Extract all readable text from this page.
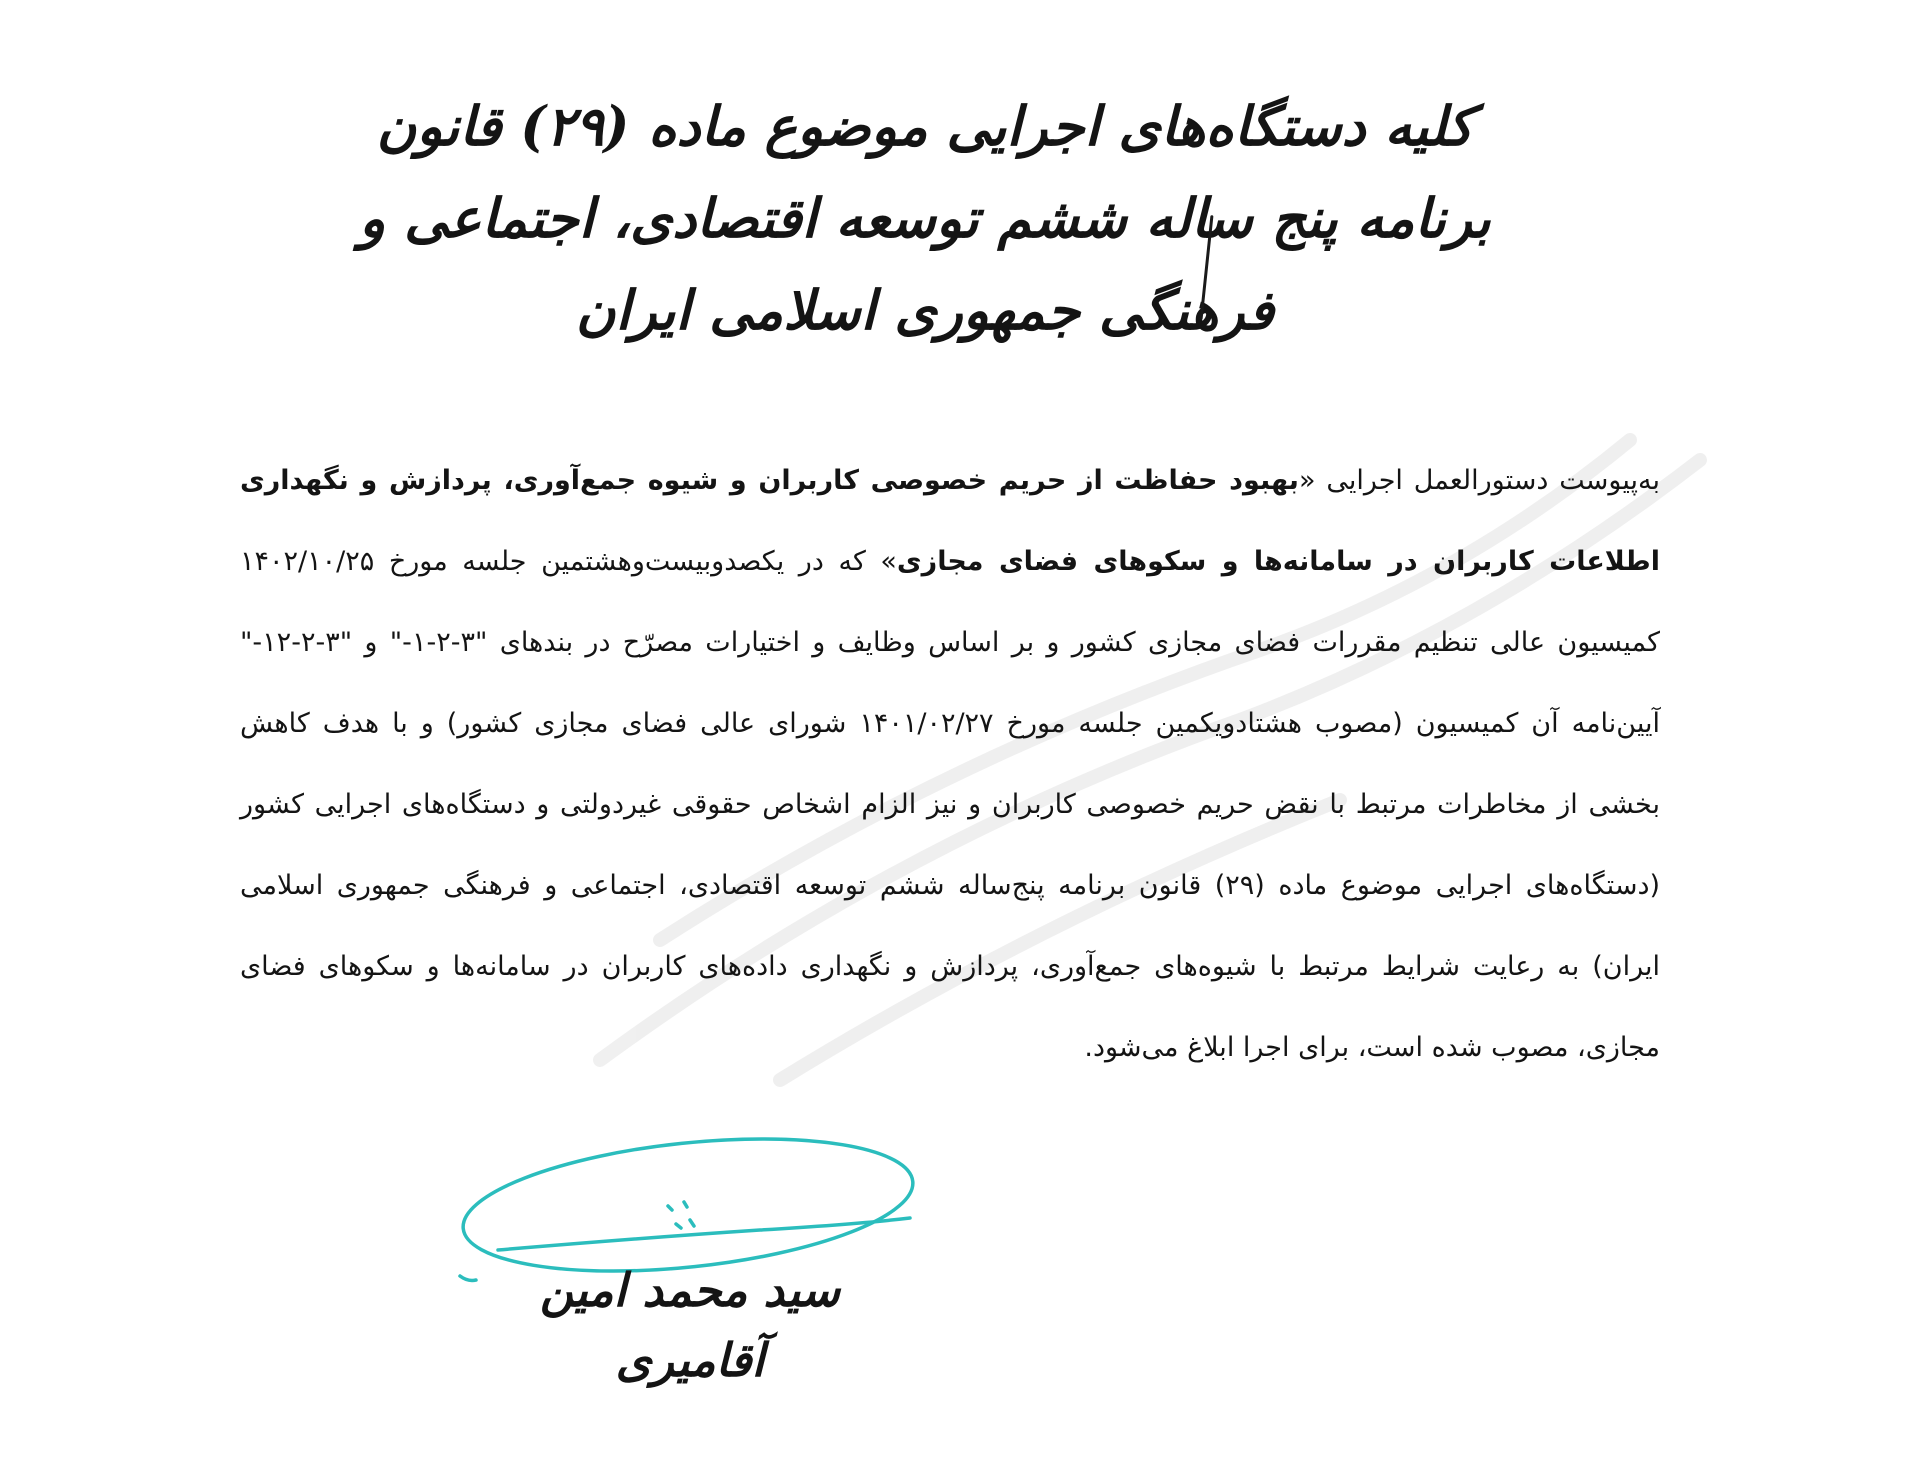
کلیه دستگاه‌های اجرایی موضوع ماده (۲۹) قانون

برنامه پنج ساله ششم توسعه اقتصادی، اجتماعی و فرهنگی جمهوری اسلامی ایران

به‌پیوست دستورالعمل اجرایی «بهبود حفاظت از حریم خصوصی کاربران و شیوه جمع‌آوری، پردازش و نگهداری اطلاعات کاربران در سامانه‌ها و سکوهای فضای مجازی» که در یکصدوبیست‌وهشتمین جلسه مورخ ۱۴۰۲/۱۰/۲۵ کمیسیون عالی تنظیم مقررات فضای مجازی کشور و بر اساس وظایف و اختیارات مصرّح در بندهای "۳-۲-۱-" و "۳-۲-۱۲-" آیین‌نامه آن کمیسیون (مصوب هشتادویکمین جلسه مورخ ۱۴۰۱/۰۲/۲۷ شورای عالی فضای مجازی کشور) و با هدف کاهش بخشی از مخاطرات مرتبط با نقض حریم خصوصی کاربران و نیز الزام اشخاص حقوقی غیردولتی و دستگاه‌های اجرایی کشور (دستگاه‌های اجرایی موضوع ماده (۲۹) قانون برنامه پنج‌ساله ششم توسعه اقتصادی، اجتماعی و فرهنگی جمهوری اسلامی ایران) به رعایت شرایط مرتبط با شیوه‌های جمع‌آوری، پردازش و نگهداری داده‌های کاربران در سامانه‌ها و سکوهای فضای مجازی، مصوب شده است، برای اجرا ابلاغ می‌شود.
سید محمد امین آقامیری
